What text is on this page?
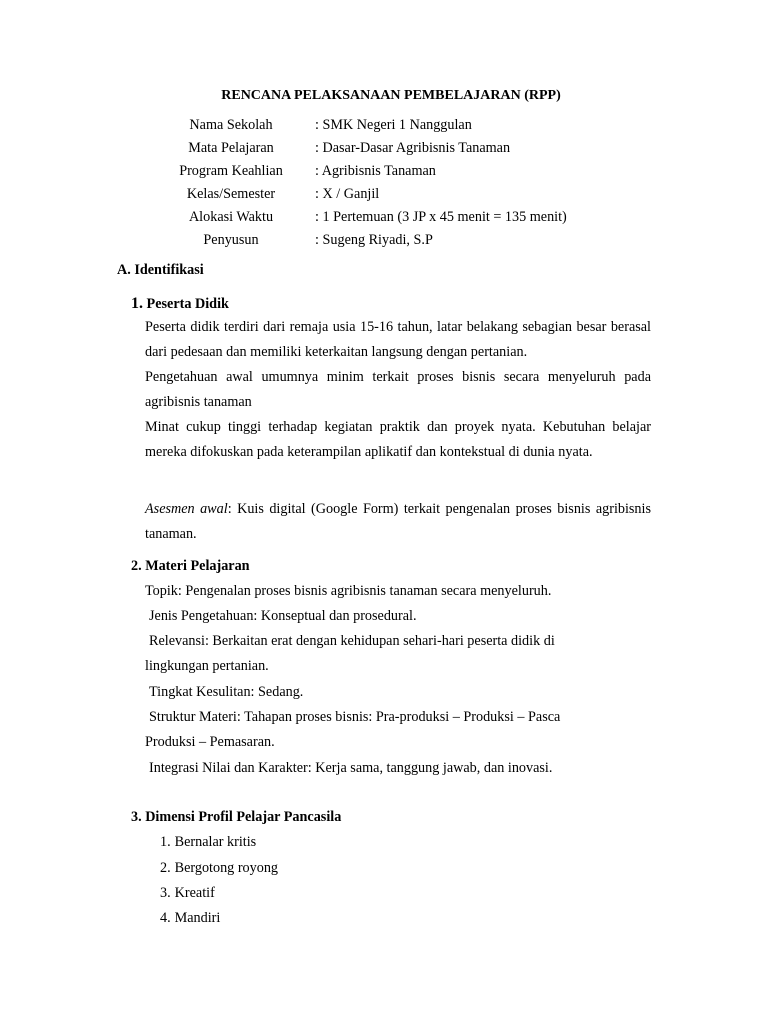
RENCANA PELAKSANAAN PEMBELAJARAN (RPP)
Nama Sekolah	: SMK Negeri 1 Nanggulan
Mata Pelajaran	: Dasar-Dasar Agribisnis Tanaman
Program Keahlian : Agribisnis Tanaman
Kelas/Semester	: X / Ganjil
Alokasi Waktu	: 1 Pertemuan (3 JP x 45 menit = 135 menit)
Penyusun	: Sugeng Riyadi, S.P
A. Identifikasi
1. Peserta Didik

Peserta didik terdiri dari remaja usia 15-16 tahun, latar belakang sebagian besar berasal dari pedesaan dan memiliki keterkaitan langsung dengan pertanian.

Pengetahuan awal umumnya minim terkait proses bisnis secara menyeluruh pada agribisnis tanaman

Minat cukup tinggi terhadap kegiatan praktik dan proyek nyata. Kebutuhan belajar mereka difokuskan pada keterampilan aplikatif dan kontekstual di dunia nyata.

Asesmen awal: Kuis digital (Google Form) terkait pengenalan proses bisnis agribisnis tanaman.

2. Materi Pelajaran
Topik: Pengenalan proses bisnis agribisnis tanaman secara menyeluruh.
Jenis Pengetahuan: Konseptual dan prosedural.
Relevansi: Berkaitan erat dengan kehidupan sehari-hari peserta didik di
lingkungan pertanian.
Tingkat Kesulitan: Sedang.
Struktur Materi: Tahapan proses bisnis: Pra-produksi – Produksi – Pasca
Produksi – Pemasaran.
Integrasi Nilai dan Karakter: Kerja sama, tanggung jawab, dan inovasi.
3. Dimensi Profil Pelajar Pancasila
1. Bernalar kritis
2. Bergotong royong
3. Kreatif
4. Mandiri
